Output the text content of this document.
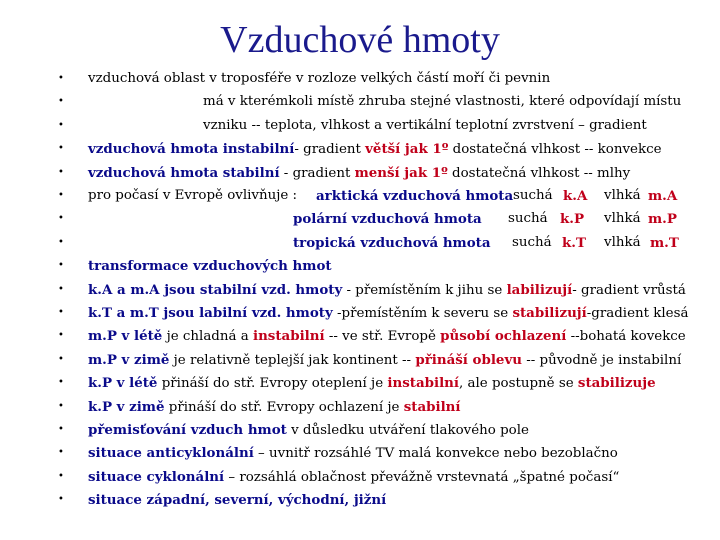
Vzduchové hmoty
• vzduchová oblast v troposféře v rozloze velkých částí moří či pevnin
•	má v kterémkoli místě zhruba stejné vlastnosti, které odpovídají místu
•	vzniku -- teplota, vlhkost a vertikální teplotní zvrstvení – gradient
• vzduchová hmota instabilní- gradient větší jak 1º dostatečná vlhkost -- konvekce
• vzduchová hmota stabilní - gradient menší jak 1º dostatečná vlhkost -- mlhy
• pro počasí v Evropě ovlivňuje : arktická vzduchová hmota suchá k.A vlhká m.A
•	polární vzduchová hmota suchá k.P vlhká m.P
•	tropická vzduchová hmota suchá k.T vlhká m.T
• transformace vzduchových hmot
• k.A a m.A jsou stabilní vzd. hmoty - přemístěním k jihu se labilizují- gradient vrůstá
• k.T a m.T jsou labilní vzd. hmoty -přemístěním k severu se stabilizují-gradient klesá
• m.P v létě je chladná a instabilní -- ve stř. Evropě působí ochlazení --bohatá kovekce
• m.P v zimě je relativně teplejší jak kontinent -- přináší oblevu -- původně je instabilní
• k.P v létě přináší do stř. Evropy oteplení je instabilní, ale postupně se stabilizuje
• k.P v zimě přináší do stř. Evropy ochlazení je stabilní
• přemisťování vzduch hmot v důsledku utváření tlakového pole
• situace anticyklonální – uvnitř rozsáhlé TV malá konvekce nebo bezoblačno
• situace cyklonální – rozsáhlá oblačnost převážně vrstevnatá „špatné počasí“
• situace západní, severní, východní, jižní
